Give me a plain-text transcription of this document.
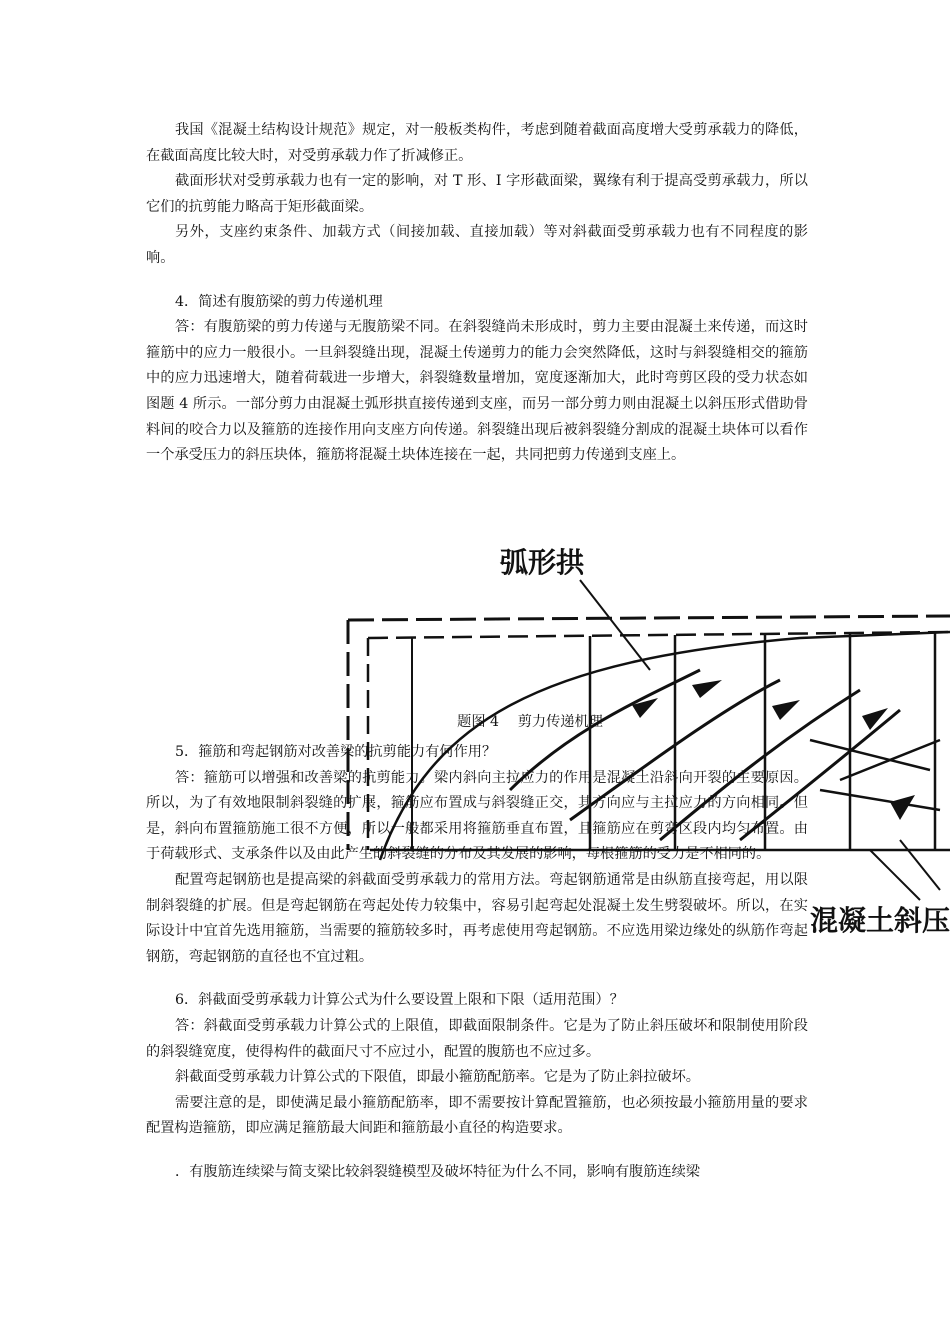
弧形拱
混凝土斜压

我国《混凝土结构设计规范》规定，对一般板类构件，考虑到随着截面高度增大受剪承载力的降低，在截面高度比较大时，对受剪承载力作了折减修正。

截面形状对受剪承载力也有一定的影响，对 T 形、I 字形截面梁，翼缘有利于提高受剪承载力，所以它们的抗剪能力略高于矩形截面梁。

另外，支座约束条件、加载方式（间接加载、直接加载）等对斜截面受剪承载力也有不同程度的影响。

4．简述有腹筋梁的剪力传递机理

答：有腹筋梁的剪力传递与无腹筋梁不同。在斜裂缝尚未形成时，剪力主要由混凝土来传递，而这时箍筋中的应力一般很小。一旦斜裂缝出现，混凝土传递剪力的能力会突然降低，这时与斜裂缝相交的箍筋中的应力迅速增大，随着荷载进一步增大，斜裂缝数量增加，宽度逐渐加大，此时弯剪区段的受力状态如图题 4 所示。一部分剪力由混凝土弧形拱直接传递到支座，而另一部分剪力则由混凝土以斜压形式借助骨料间的咬合力以及箍筋的连接作用向支座方向传递。斜裂缝出现后被斜裂缝分割成的混凝土块体可以看作一个承受压力的斜压块体，箍筋将混凝土块体连接在一起，共同把剪力传递到支座上。

题图 4　 剪力传递机理

5．箍筋和弯起钢筋对改善梁的抗剪能力有何作用？

答：箍筋可以增强和改善梁的抗剪能力。梁内斜向主拉应力的作用是混凝土沿斜向开裂的主要原因。所以，为了有效地限制斜裂缝的扩展，箍筋应布置成与斜裂缝正交，其方向应与主拉应力的方向相同。但是，斜向布置箍筋施工很不方便，所以一般都采用将箍筋垂直布置，且箍筋应在剪弯区段内均匀布置。由于荷载形式、支承条件以及由此产生的斜裂缝的分布及其发展的影响，每根箍筋的受力是不相同的。

配置弯起钢筋也是提高梁的斜截面受剪承载力的常用方法。弯起钢筋通常是由纵筋直接弯起，用以限制斜裂缝的扩展。但是弯起钢筋在弯起处传力较集中，容易引起弯起处混凝土发生劈裂破坏。所以，在实际设计中宜首先选用箍筋，当需要的箍筋较多时，再考虑使用弯起钢筋。不应选用梁边缘处的纵筋作弯起钢筋，弯起钢筋的直径也不宜过粗。

6．斜截面受剪承载力计算公式为什么要设置上限和下限（适用范围）？

答：斜截面受剪承载力计算公式的上限值，即截面限制条件。它是为了防止斜压破坏和限制使用阶段的斜裂缝宽度，使得构件的截面尺寸不应过小，配置的腹筋也不应过多。

斜截面受剪承载力计算公式的下限值，即最小箍筋配筋率。它是为了防止斜拉破坏。

需要注意的是，即使满足最小箍筋配筋率，即不需要按计算配置箍筋，也必须按最小箍筋用量的要求配置构造箍筋，即应满足箍筋最大间距和箍筋最小直径的构造要求。

．有腹筋连续梁与简支梁比较斜裂缝模型及破坏特征为什么不同，影响有腹筋连续梁
